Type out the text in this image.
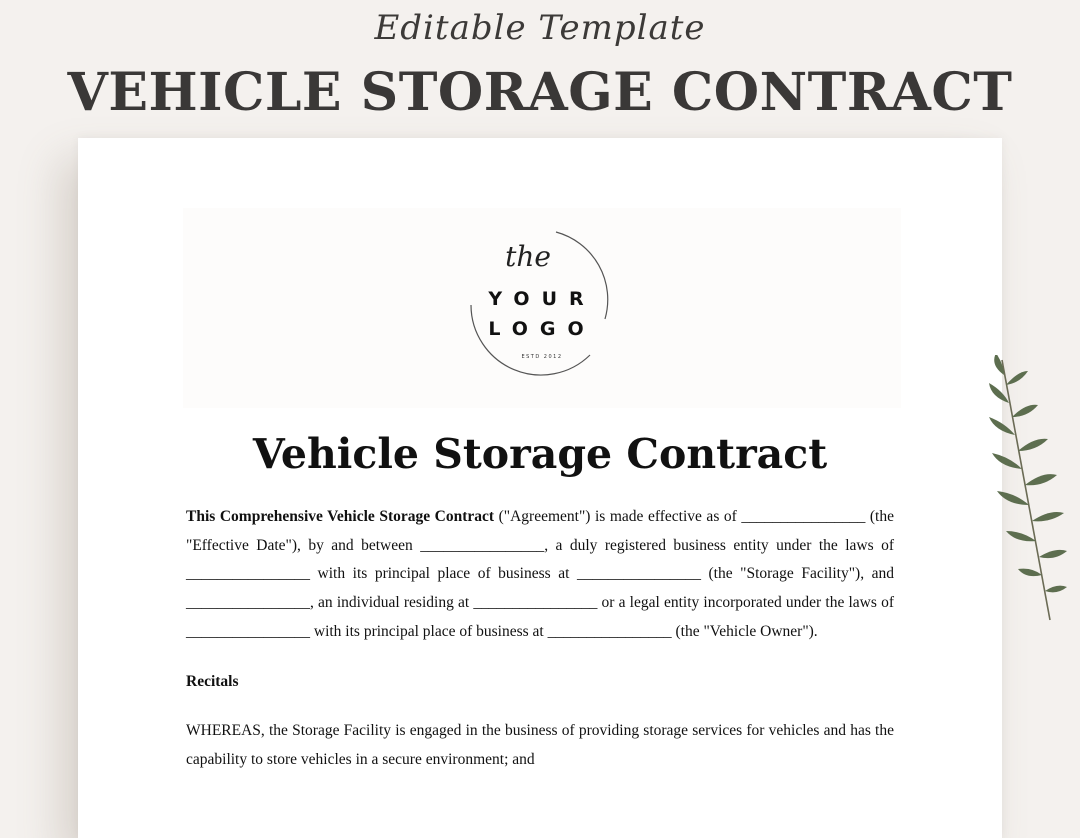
Editable Template
VEHICLE STORAGE CONTRACT
the
YOUR
LOGO
ESTD 2012
Vehicle Storage Contract

This Comprehensive Vehicle Storage Contract ("Agreement") is made effective as of ________________ (the "Effective Date"), by and between ________________, a duly registered business entity under the laws of ________________ with its principal place of business at ________________ (the "Storage Facility"), and ________________, an individual residing at ________________ or a legal entity incorporated under the laws of ________________ with its principal place of business at ________________ (the "Vehicle Owner").

Recitals

WHEREAS, the Storage Facility is engaged in the business of providing storage services for vehicles and has the capability to store vehicles in a secure environment; and
